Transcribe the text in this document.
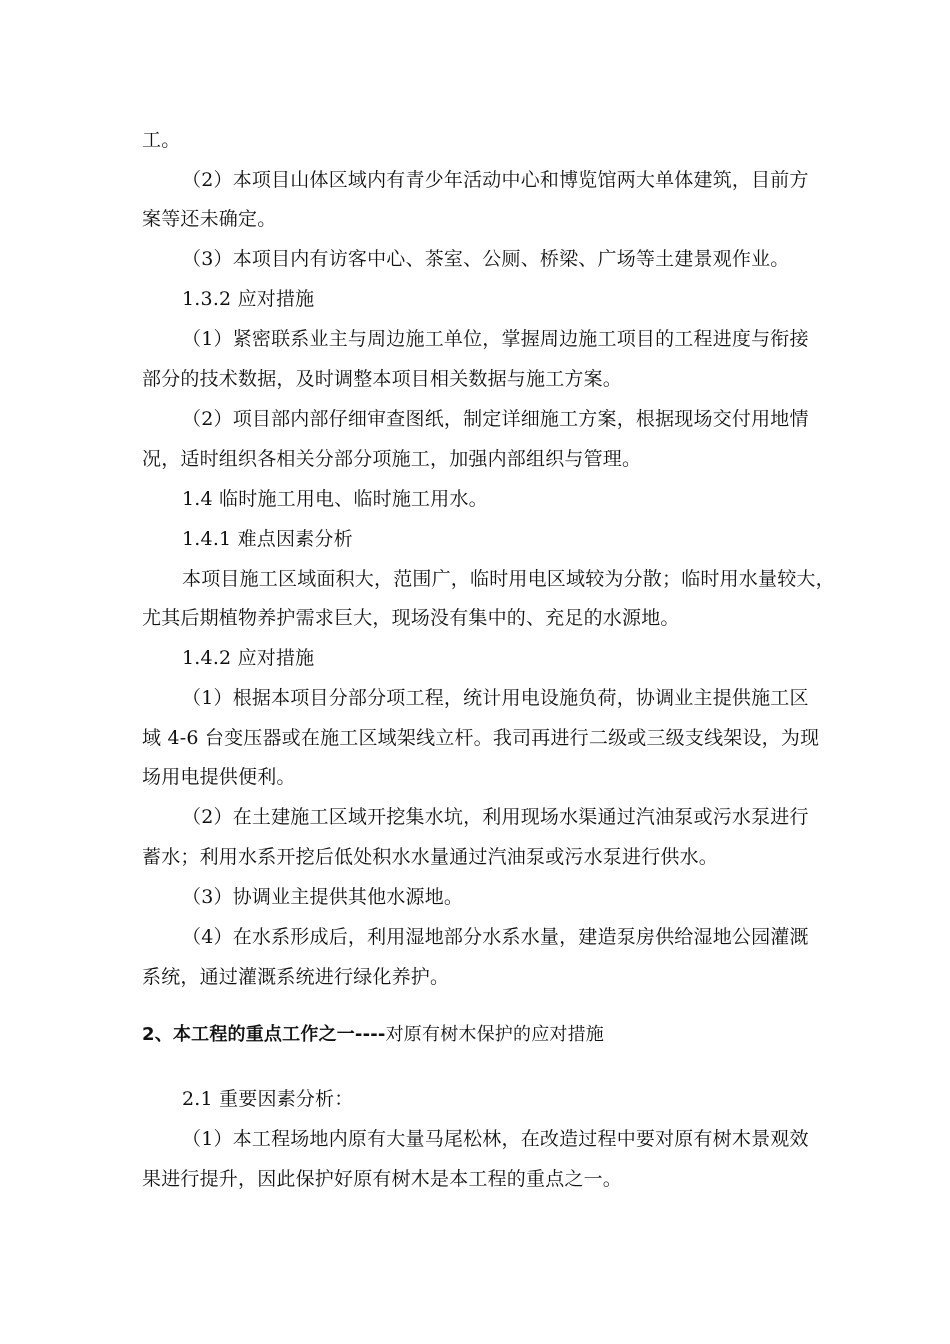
工。
（2）本项目山体区域内有青少年活动中心和博览馆两大单体建筑，目前方
案等还未确定。
（3）本项目内有访客中心、茶室、公厕、桥梁、广场等土建景观作业。
1.3.2 应对措施
（1）紧密联系业主与周边施工单位，掌握周边施工项目的工程进度与衔接
部分的技术数据，及时调整本项目相关数据与施工方案。
（2）项目部内部仔细审查图纸，制定详细施工方案，根据现场交付用地情
况，适时组织各相关分部分项施工，加强内部组织与管理。
1.4 临时施工用电、临时施工用水。
1.4.1 难点因素分析
本项目施工区域面积大，范围广，临时用电区域较为分散；临时用水量较大，
尤其后期植物养护需求巨大，现场没有集中的、充足的水源地。
1.4.2 应对措施
（1）根据本项目分部分项工程，统计用电设施负荷，协调业主提供施工区
域 4-6 台变压器或在施工区域架线立杆。我司再进行二级或三级支线架设，为现
场用电提供便利。
（2）在土建施工区域开挖集水坑，利用现场水渠通过汽油泵或污水泵进行
蓄水；利用水系开挖后低处积水水量通过汽油泵或污水泵进行供水。
（3）协调业主提供其他水源地。
（4）在水系形成后，利用湿地部分水系水量，建造泵房供给湿地公园灌溉
系统，通过灌溉系统进行绿化养护。
2、本工程的重点工作之一----对原有树木保护的应对措施
2.1 重要因素分析：
（1）本工程场地内原有大量马尾松林，在改造过程中要对原有树木景观效
果进行提升，因此保护好原有树木是本工程的重点之一。
